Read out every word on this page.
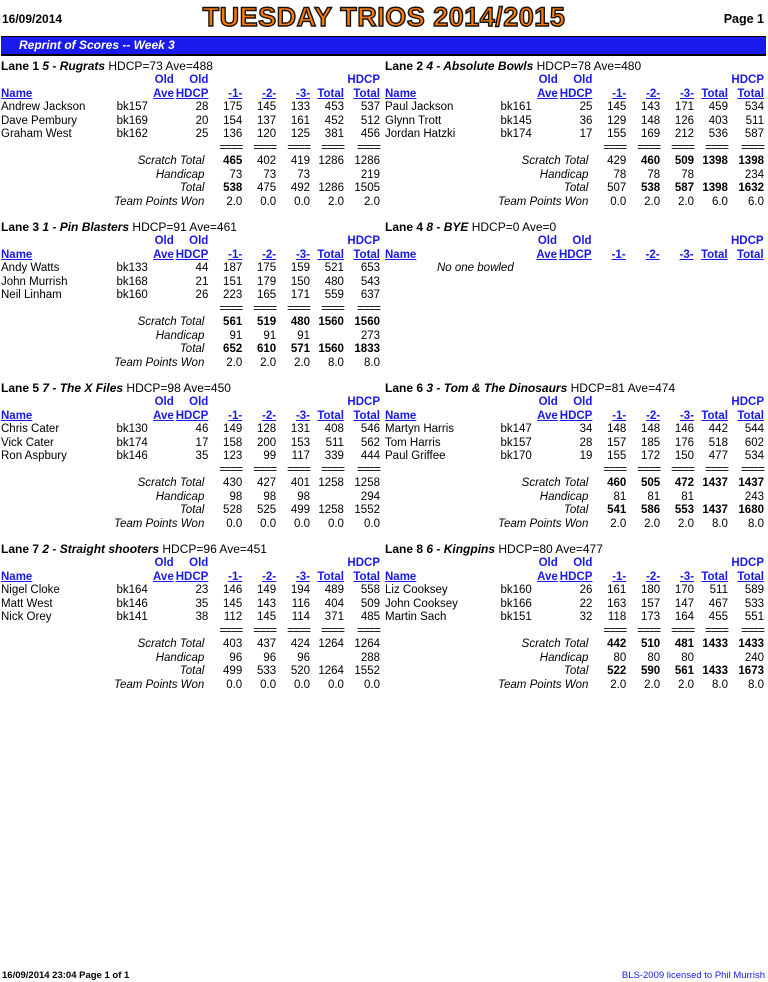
16/09/2014	TUESDAY TRIOS 2014/2015	Page 1
Reprint of Scores -- Week 3
Lane 1 5 - Rugrats HDCP=73 Ave=488
		Old	Old					HDCP
Name		Ave	HDCP	-1-	-2-	-3-	Total	Total
Andrew Jackson	bk157		28	175	145	133	453	537
Dave Pembury	bk169		20	154	137	161	452	512
Graham West	bk162		25	136	120	125	381	456
				====	====	====	====	====
Scratch Total				465	402	419	1286	1286
Handicap				73	73	73		219
Total				538	475	492	1286	1505
Team Points Won				2.0	0.0	0.0	2.0	2.0
Lane 2 4 - Absolute Bowls HDCP=78 Ave=480
		Old	Old					HDCP
Name		Ave	HDCP	-1-	-2-	-3-	Total	Total
Paul Jackson	bk161		25	145	143	171	459	534
Glynn Trott	bk145		36	129	148	126	403	511
Jordan Hatzki	bk174		17	155	169	212	536	587
				====	====	====	====	====
Scratch Total				429	460	509	1398	1398
Handicap				78	78	78		234
Total				507	538	587	1398	1632
Team Points Won				0.0	2.0	2.0	6.0	6.0
Lane 3 1 - Pin Blasters HDCP=91 Ave=461
		Old	Old					HDCP
Name		Ave	HDCP	-1-	-2-	-3-	Total	Total
Andy Watts	bk133		44	187	175	159	521	653
John Murrish	bk168		21	151	179	150	480	543
Neil Linham	bk160		26	223	165	171	559	637
				====	====	====	====	====
Scratch Total				561	519	480	1560	1560
Handicap				91	91	91		273
Total				652	610	571	1560	1833
Team Points Won				2.0	2.0	2.0	8.0	8.0
Lane 4 8 - BYE HDCP=0 Ave=0
		Old	Old					HDCP
Name		Ave	HDCP	-1-	-2-	-3-	Total	Total
No one bowled								
Lane 5 7 - The X Files HDCP=98 Ave=450
		Old	Old					HDCP
Name		Ave	HDCP	-1-	-2-	-3-	Total	Total
Chris Cater	bk130		46	149	128	131	408	546
Vick Cater	bk174		17	158	200	153	511	562
Ron Aspbury	bk146		35	123	99	117	339	444
				====	====	====	====	====
Scratch Total				430	427	401	1258	1258
Handicap				98	98	98		294
Total				528	525	499	1258	1552
Team Points Won				0.0	0.0	0.0	0.0	0.0
Lane 6 3 - Tom & The Dinosaurs HDCP=81 Ave=474
		Old	Old					HDCP
Name		Ave	HDCP	-1-	-2-	-3-	Total	Total
Martyn Harris	bk147		34	148	148	146	442	544
Tom Harris	bk157		28	157	185	176	518	602
Paul Griffee	bk170		19	155	172	150	477	534
				====	====	====	====	====
Scratch Total				460	505	472	1437	1437
Handicap				81	81	81		243
Total				541	586	553	1437	1680
Team Points Won				2.0	2.0	2.0	8.0	8.0
Lane 7 2 - Straight shooters HDCP=96 Ave=451
		Old	Old					HDCP
Name		Ave	HDCP	-1-	-2-	-3-	Total	Total
Nigel Cloke	bk164		23	146	149	194	489	558
Matt West	bk146		35	145	143	116	404	509
Nick Orey	bk141		38	112	145	114	371	485
				====	====	====	====	====
Scratch Total				403	437	424	1264	1264
Handicap				96	96	96		288
Total				499	533	520	1264	1552
Team Points Won				0.0	0.0	0.0	0.0	0.0
Lane 8 6 - Kingpins HDCP=80 Ave=477
		Old	Old					HDCP
Name		Ave	HDCP	-1-	-2-	-3-	Total	Total
Liz Cooksey	bk160		26	161	180	170	511	589
John Cooksey	bk166		22	163	157	147	467	533
Martin Sach	bk151		32	118	173	164	455	551
				====	====	====	====	====
Scratch Total				442	510	481	1433	1433
Handicap				80	80	80		240
Total				522	590	561	1433	1673
Team Points Won				2.0	2.0	2.0	8.0	8.0
16/09/2014 23:04 Page 1 of 1	BLS-2009 licensed to Phil Murrish
